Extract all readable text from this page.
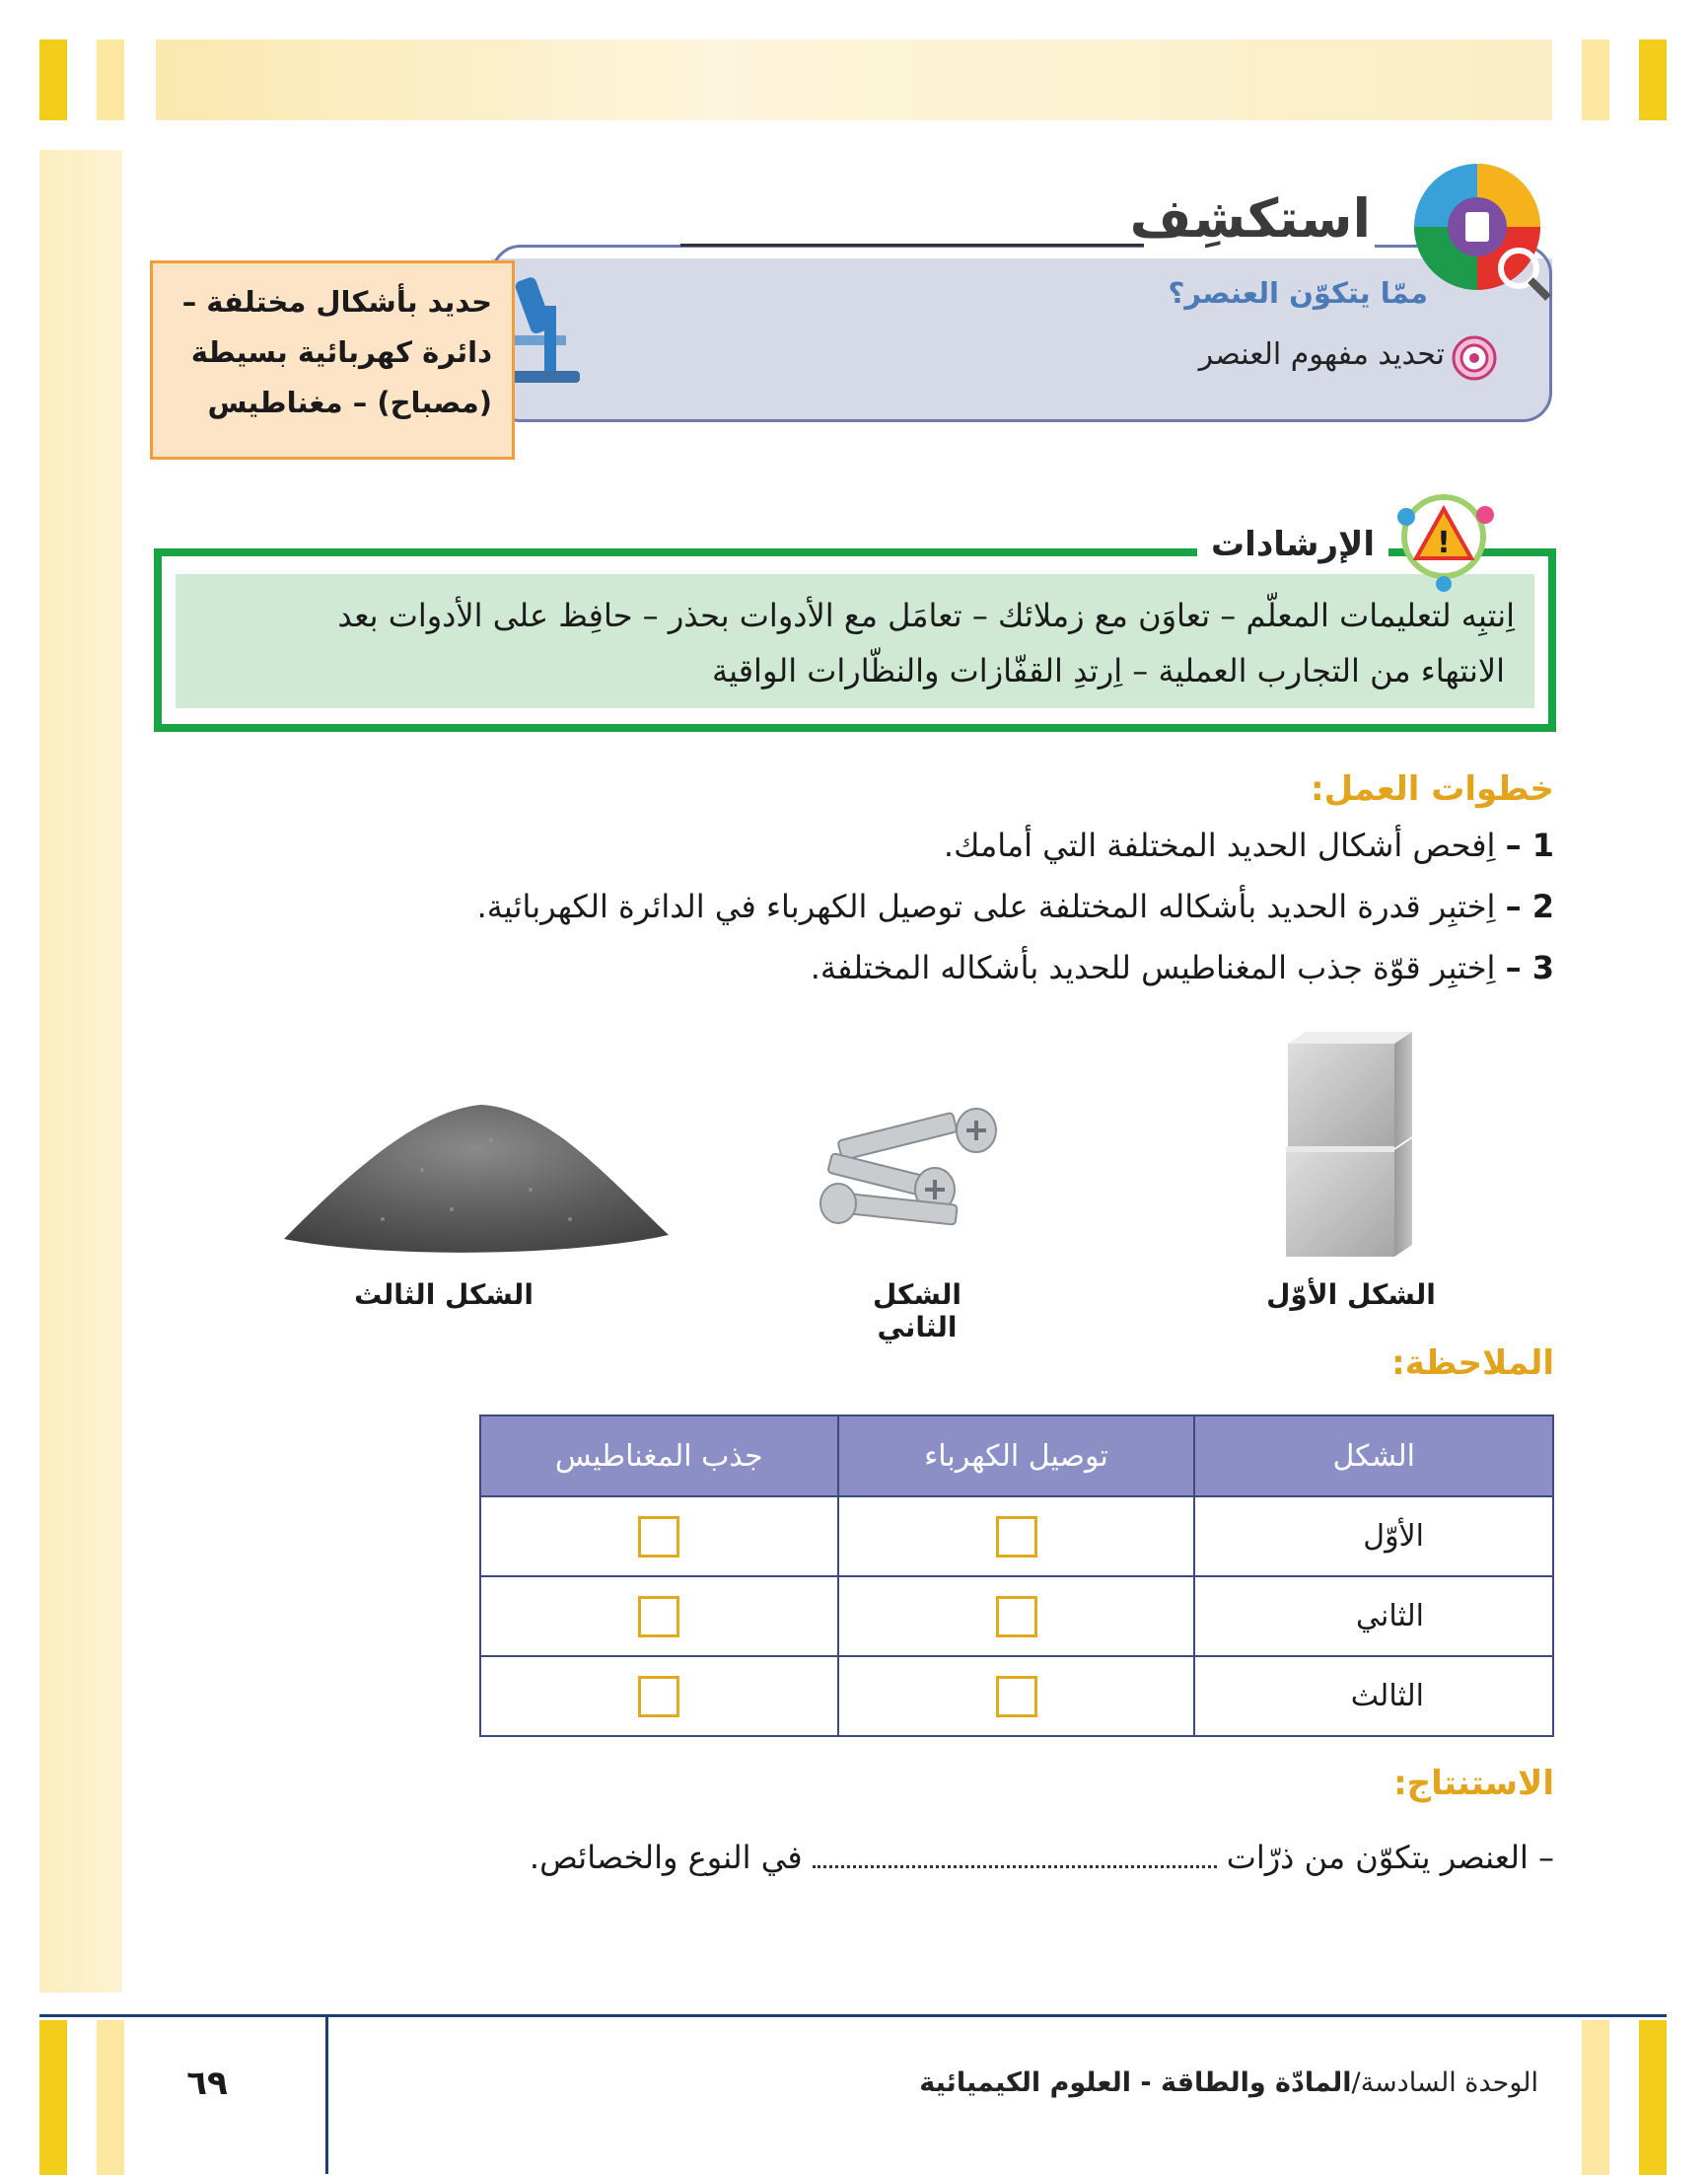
استكشِف
ممّا يتكوّن العنصر؟
تحديد مفهوم العنصر
حديد بأشكال مختلفة –
دائرة كهربائية بسيطة
(مصباح) – مغناطيس
الإرشادات	!
اِنتبِه لتعليمات المعلّم – تعاوَن مع زملائك – تعامَل مع الأدوات بحذر – حافِظ على الأدوات بعد
الانتهاء من التجارب العملية – اِرتدِ القفّازات والنظّارات الواقية
خطوات العمل:
1 – اِفحص أشكال الحديد المختلفة التي أمامك.
2 – اِختبِر قدرة الحديد بأشكاله المختلفة على توصيل الكهرباء في الدائرة الكهربائية.
3 – اِختبِر قوّة جذب المغناطيس للحديد بأشكاله المختلفة.
الشكل الأوّل
الشكل الثاني
الشكل الثالث
الملاحظة:
الشكل	توصيل الكهرباء	جذب المغناطيس
الأوّل		
الثاني		
الثالث		
الاستنتاج:
– العنصر يتكوّن من ذرّاتفي النوع والخصائص.
٦٩	الوحدة السادسة/المادّة والطاقة - العلوم الكيميائية
